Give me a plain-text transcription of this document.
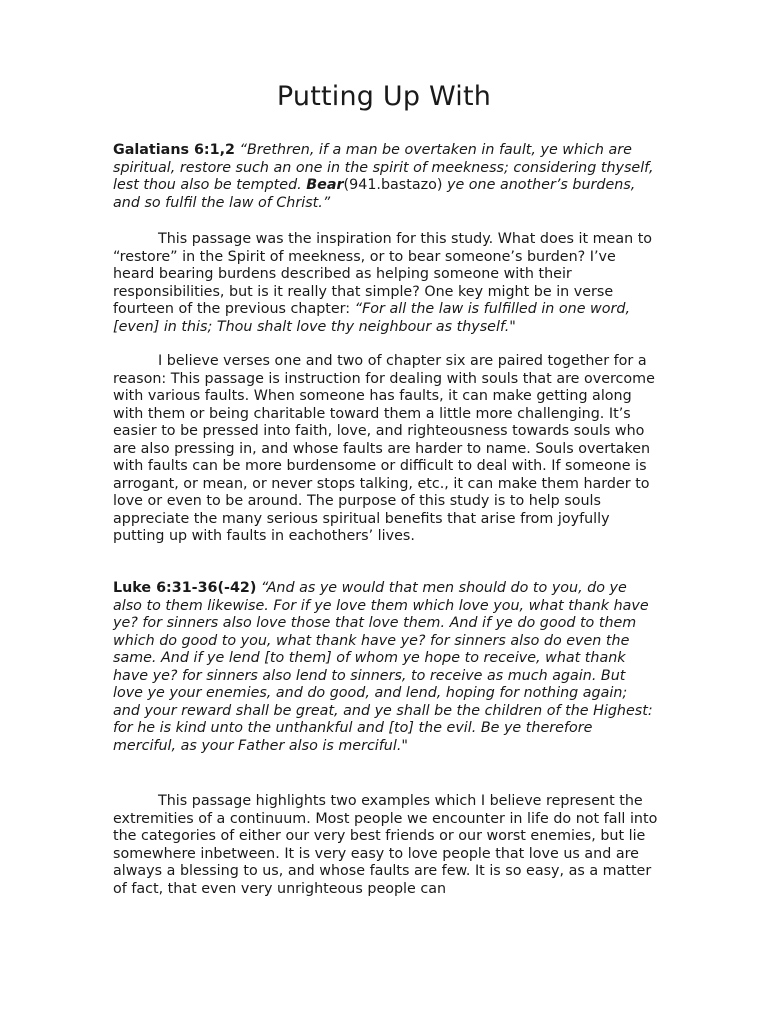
Putting Up With

Galatians 6:1,2 “Brethren, if a man be overtaken in fault, ye which are spiritual, restore such an one in the spirit of meekness; considering thyself, lest thou also be tempted. Bear(941.bastazo) ye one another’s burdens, and so fulfil the law of Christ.”

This passage was the inspiration for this study. What does it mean to “restore” in the Spirit of meekness, or to bear someone’s burden? I’ve heard bearing burdens described as helping someone with their responsibilities, but is it really that simple? One key might be in verse fourteen of the previous chapter: “For all the law is fulfilled in one word, [even] in this; Thou shalt love thy neighbour as thyself."

I believe verses one and two of chapter six are paired together for a reason: This passage is instruction for dealing with souls that are overcome with various faults. When someone has faults, it can make getting along with them or being charitable toward them a little more challenging. It’s easier to be pressed into faith, love, and righteousness towards souls who are also pressing in, and whose faults are harder to name. Souls overtaken with faults can be more burdensome or difficult to deal with. If someone is arrogant, or mean, or never stops talking, etc., it can make them harder to love or even to be around. The purpose of this study is to help souls appreciate the many serious spiritual benefits that arise from joyfully putting up with faults in eachothers’ lives.

Luke 6:31-36(-42) “And as ye would that men should do to you, do ye also to them likewise. For if ye love them which love you, what thank have ye? for sinners also love those that love them. And if ye do good to them which do good to you, what thank have ye? for sinners also do even the same. And if ye lend [to them] of whom ye hope to receive, what thank have ye? for sinners also lend to sinners, to receive as much again. But love ye your enemies, and do good, and lend, hoping for nothing again; and your reward shall be great, and ye shall be the children of the Highest: for he is kind unto the unthankful and [to] the evil. Be ye therefore merciful, as your Father also is merciful."

This passage highlights two examples which I believe represent the extremities of a continuum. Most people we encounter in life do not fall into the categories of either our very best friends or our worst enemies, but lie somewhere inbetween. It is very easy to love people that love us and are always a blessing to us, and whose faults are few. It is so easy, as a matter of fact, that even very unrighteous people can
